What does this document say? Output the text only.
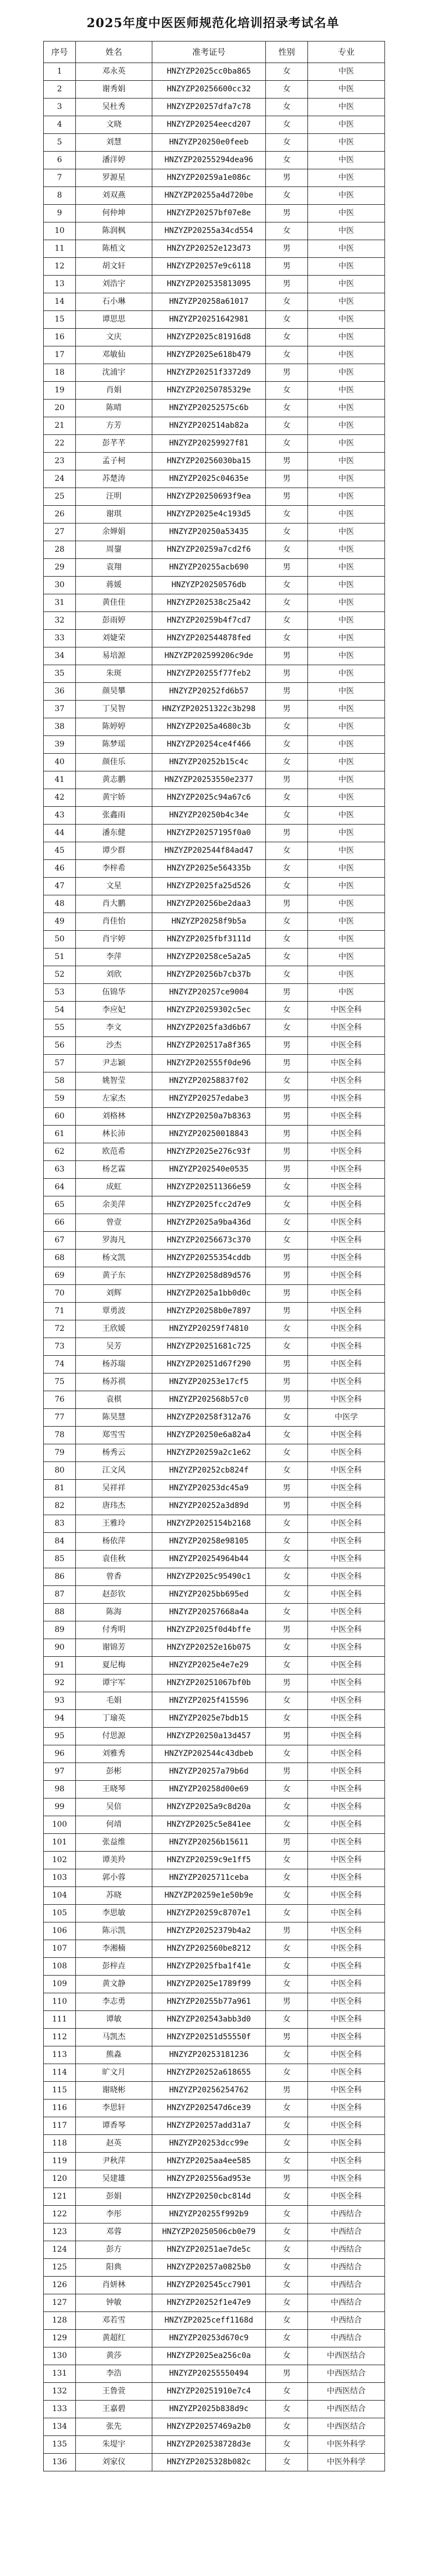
2025年度中医医师规范化培训招录考试名单
序号	姓名	准考证号	性别	专业
1	邓永英	HNZYZP2025cc0ba865	女	中医
2	谢秀娟	HNZYZP20256600cc32	女	中医
3	吴杜秀	HNZYZP20257dfa7c78	女	中医
4	文晓	HNZYZP20254eecd207	女	中医
5	刘慧	HNZYZP20250e0feeb	女	中医
6	潘洋婷	HNZYZP20255294dea96	女	中医
7	罗源星	HNZYZP20259a1e086c	男	中医
8	刘双燕	HNZYZP20255a4d720be	女	中医
9	何仲坤	HNZYZP20257bf07e8e	男	中医
10	陈润枫	HNZYZP20255a34cd554	女	中医
11	陈植文	HNZYZP20252e123d73	男	中医
12	胡文轩	HNZYZP20257e9c6118	男	中医
13	刘浩宇	HNZYZP202535813095	男	中医
14	石小琳	HNZYZP20258a61017	女	中医
15	谭思思	HNZYZP20251642981	女	中医
16	文庆	HNZYZP2025c81916d8	女	中医
17	邓敏仙	HNZYZP2025e618b479	女	中医
18	沈浦宇	HNZYZP20251f3372d9	男	中医
19	肖娟	HNZYZP20250785329e	女	中医
20	陈晴	HNZYZP20252575c6b	女	中医
21	方芳	HNZYZP202514ab82a	女	中医
22	彭芊芊	HNZYZP20259927f81	女	中医
23	孟子柯	HNZYZP20256030ba15	男	中医
24	苏楚涛	HNZYZP2025c04635e	男	中医
25	汪明	HNZYZP20250693f9ea	男	中医
26	谢琪	HNZYZP2025e4c193d5	女	中医
27	余婵娟	HNZYZP20250a53435	女	中医
28	周鋆	HNZYZP20259a7cd2f6	女	中医
29	袁翔	HNZYZP20255acb690	男	中医
30	蒋媛	HNZYZP20250576db	女	中医
31	黄佳佳	HNZYZP202538c25a42	女	中医
32	彭雨婷	HNZYZP20259b4f7cd7	女	中医
33	刘婕荣	HNZYZP202544878fed	女	中医
34	易培源	HNZYZP202599206c9de	男	中医
35	朱斑	HNZYZP20255f77feb2	男	中医
36	颜昊攀	HNZYZP20252fd6b57	男	中医
37	丁吴智	HNZYZP20251322c3b298	男	中医
38	陈婷婷	HNZYZP2025a4680c3b	女	中医
39	陈梦瑶	HNZYZP20254ce4f466	女	中医
40	颜佳乐	HNZYZP20252b15c4c	女	中医
41	黄志鹏	HNZYZP20253550e2377	男	中医
42	黄宇娇	HNZYZP2025c94a67c6	女	中医
43	张鑫雨	HNZYZP20250b4c34e	女	中医
44	潘东健	HNZYZP20257195f0a0	男	中医
45	谭少群	HNZYZP202544f84ad47	女	中医
46	李梓希	HNZYZP2025e564335b	女	中医
47	文星	HNZYZP2025fa25d526	女	中医
48	肖大鹏	HNZYZP20256be2daa3	男	中医
49	肖佳怡	HNZYZP20258f9b5a	女	中医
50	肖宇婷	HNZYZP2025fbf3111d	女	中医
51	李萍	HNZYZP20258ce5a2a5	女	中医
52	刘欣	HNZYZP20256b7cb37b	女	中医
53	伍锦华	HNZYZP20257ce9004	男	中医
54	李应妃	HNZYZP20259302c5ec	女	中医全科
55	李文	HNZYZP2025fa3d6b67	女	中医全科
56	沙杰	HNZYZP202517a8f365	男	中医全科
57	尹志颖	HNZYZP202555f0de96	男	中医全科
58	姚智莹	HNZYZP20258837f02	女	中医全科
59	左家杰	HNZYZP20257edabe3	男	中医全科
60	刘格林	HNZYZP20250a7b8363	男	中医全科
61	林长沛	HNZYZP20250018843	男	中医全科
62	欧范希	HNZYZP2025e276c93f	男	中医全科
63	杨艺霖	HNZYZP202540e0535	男	中医全科
64	成虹	HNZYZP202511366e59	女	中医全科
65	余美萍	HNZYZP2025fcc2d7e9	女	中医全科
66	曾壹	HNZYZP2025a9ba436d	女	中医全科
67	罗海凡	HNZYZP20256673c370	女	中医全科
68	杨文凯	HNZYZP20255354cddb	男	中医全科
69	黄子东	HNZYZP20258d89d576	男	中医全科
70	刘辉	HNZYZP2025a1bb0d0c	男	中医全科
71	覃勇波	HNZYZP20258b0e7897	男	中医全科
72	王欣媛	HNZYZP20259f74810	女	中医全科
73	吴芳	HNZYZP20251681c725	女	中医全科
74	杨苏瑞	HNZYZP20251d67f290	男	中医全科
75	杨苏祺	HNZYZP20253e17cf5	男	中医全科
76	袁棋	HNZYZP202568b57c0	男	中医全科
77	陈昊慧	HNZYZP20258f312a76	女	中医学
78	郑雪雪	HNZYZP20250e6a82a4	女	中医全科
79	杨秀云	HNZYZP20259a2c1e62	女	中医全科
80	江文风	HNZYZP20252cb824f	女	中医全科
81	吴祥祥	HNZYZP20253dc45a9	男	中医全科
82	唐玮杰	HNZYZP20252a3d89d	男	中医全科
83	王雅玲	HNZYZP2025154b2168	女	中医全科
84	杨依萍	HNZYZP20258e98105	女	中医全科
85	袁佳秋	HNZYZP20254964b44	女	中医全科
86	曾香	HNZYZP2025c95490c1	女	中医全科
87	赵彭钦	HNZYZP2025bb695ed	女	中医全科
88	陈海	HNZYZP20257668a4a	女	中医全科
89	付秀明	HNZYZP2025f0d4bffe	男	中医全科
90	谢锦芳	HNZYZP20252e16b075	女	中医全科
91	夏尼梅	HNZYZP2025e4e7e29	女	中医全科
92	谭宇军	HNZYZP20251067bf0b	男	中医全科
93	毛娟	HNZYZP2025f415596	女	中医全科
94	丁瑜英	HNZYZP2025e7bdb15	女	中医全科
95	付思源	HNZYZP20250a13d457	男	中医全科
96	刘雅秀	HNZYZP202544c43dbeb	女	中医全科
97	彭彬	HNZYZP20257a79b6d	男	中医全科
98	王晓琴	HNZYZP20258d00e69	女	中医全科
99	吴倍	HNZYZP2025a9c8d20a	女	中医全科
100	何靖	HNZYZP2025c5e841ee	女	中医全科
101	张益维	HNZYZP20256b15611	男	中医全科
102	谭美羚	HNZYZP20259c9e1ff5	女	中医全科
103	郭小蓉	HNZYZP2025711ceba	女	中医全科
104	苏晓	HNZYZP20259e1e50b9e	女	中医全科
105	李思敏	HNZYZP20259c8707e1	女	中医全科
106	陈示凯	HNZYZP20252379b4a2	男	中医全科
107	李湘楠	HNZYZP202560be8212	女	中医全科
108	彭梓垚	HNZYZP2025fba1f41e	女	中医全科
109	黄文静	HNZYZP2025e1789f99	女	中医全科
110	李志勇	HNZYZP20255b77a961	男	中医全科
111	谭敏	HNZYZP202543abb3d0	女	中医全科
112	马凯杰	HNZYZP20251d55550f	男	中医全科
113	熊淼	HNZYZP20253181236	女	中医全科
114	旷文月	HNZYZP20252a618655	女	中医全科
115	谢晓彬	HNZYZP20256254762	男	中医全科
116	李思轩	HNZYZP202547d6ce39	女	中医全科
117	谭香琴	HNZYZP20257add31a7	女	中医全科
118	赵英	HNZYZP20253dcc99e	女	中医全科
119	尹秋萍	HNZYZP2025aa4ee585	女	中医全科
120	吴建雄	HNZYZP202556ad953e	男	中医全科
121	彭娟	HNZYZP20250cbc814d	女	中医全科
122	李彤	HNZYZP20255f992b9	女	中西结合
123	邓蓉	HNZYZP20250506cb0e79	女	中西结合
124	彭方	HNZYZP20251ae7de5c	女	中西结合
125	阳典	HNZYZP20257a0825b0	女	中西结合
126	肖妍林	HNZYZP202545cc7901	女	中西结合
127	钟敏	HNZYZP20252f1e47e9	女	中西结合
128	邓若雪	HNZYZP2025ceff1168d	女	中西结合
129	黄超红	HNZYZP20253d670c9	女	中西结合
130	黄莎	HNZYZP2025ea256c0a	女	中西医结合
131	李浩	HNZYZP20255550494	男	中西医结合
132	王鲁萱	HNZYZP20251910e7c4	女	中西医结合
133	王嘉碧	HNZYZP2025b838d9c	女	中西医结合
134	张先	HNZYZP20257469a2b0	女	中西医结合
135	朱堤宇	HNZYZP202538728d3e	女	中医外科学
136	刘家仪	HNZYZP2025328b082c	女	中医外科学
